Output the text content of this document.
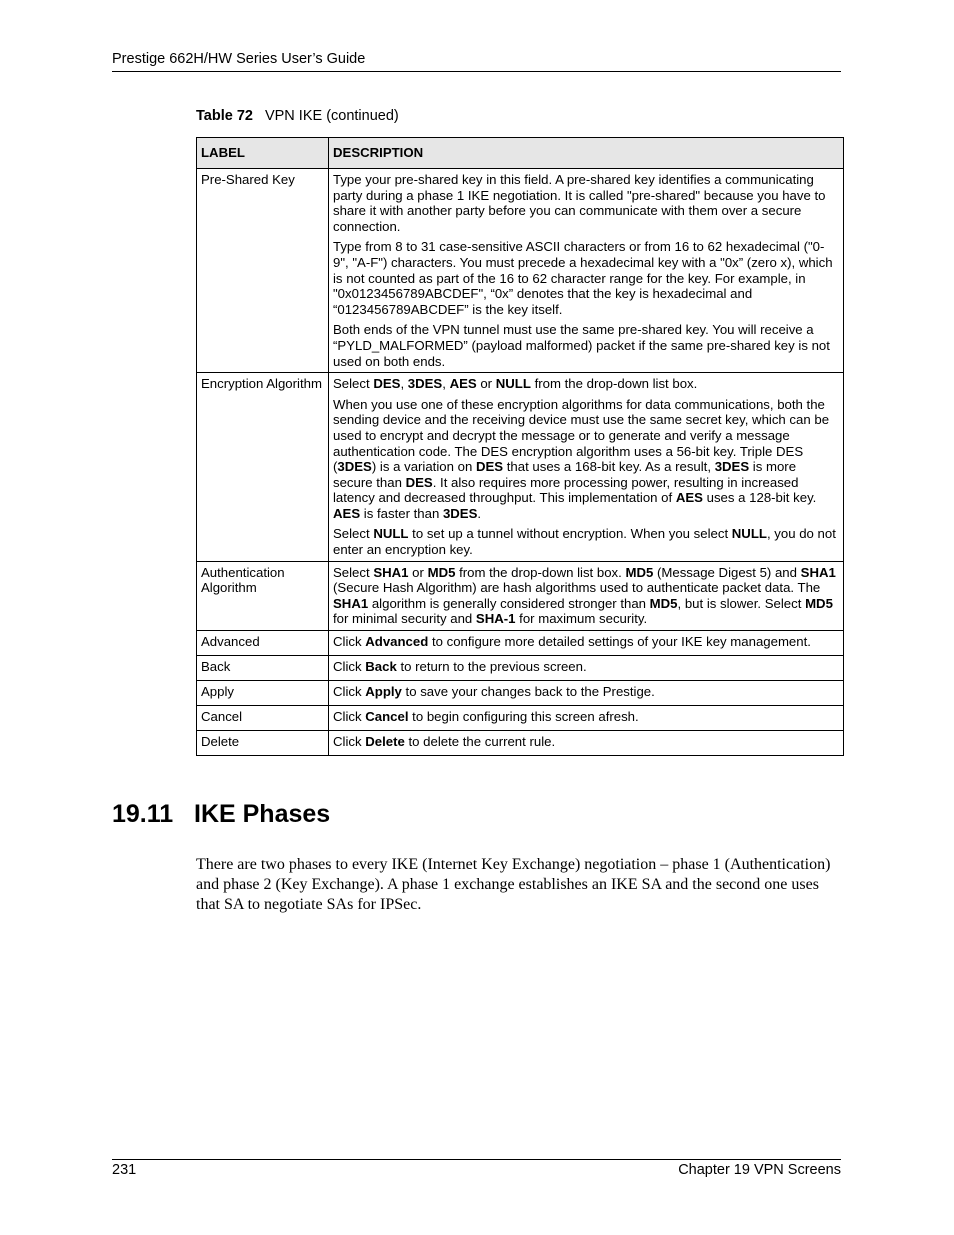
Prestige 662H/HW Series User’s Guide
Table 72 VPN IKE (continued)
LABEL	DESCRIPTION
Pre-Shared Key	Type your pre-shared key in this field. A pre-shared key identifies a communicating party during a phase 1 IKE negotiation. It is called "pre-shared" because you have to share it with another party before you can communicate with them over a secure connection.

Type from 8 to 31 case-sensitive ASCII characters or from 16 to 62 hexadecimal ("0-9", "A-F") characters. You must precede a hexadecimal key with a "0x” (zero x), which is not counted as part of the 16 to 62 character range for the key. For example, in "0x0123456789ABCDEF", “0x” denotes that the key is hexadecimal and “0123456789ABCDEF” is the key itself.

Both ends of the VPN tunnel must use the same pre-shared key. You will receive a “PYLD_MALFORMED” (payload malformed) packet if the same pre-shared key is not used on both ends.

Encryption Algorithm	Select DES, 3DES, AES or NULL from the drop-down list box.

When you use one of these encryption algorithms for data communications, both the sending device and the receiving device must use the same secret key, which can be used to encrypt and decrypt the message or to generate and verify a message authentication code. The DES encryption algorithm uses a 56-bit key. Triple DES (3DES) is a variation on DES that uses a 168-bit key. As a result, 3DES is more secure than DES. It also requires more processing power, resulting in increased latency and decreased throughput. This implementation of AES uses a 128-bit key. AES is faster than 3DES.

Select NULL to set up a tunnel without encryption. When you select NULL, you do not enter an encryption key.

Authentication Algorithm	Select SHA1 or MD5 from the drop-down list box. MD5 (Message Digest 5) and SHA1 (Secure Hash Algorithm) are hash algorithms used to authenticate packet data. The SHA1 algorithm is generally considered stronger than MD5, but is slower. Select MD5 for minimal security and SHA-1 for maximum security.

Advanced	Click Advanced to configure more detailed settings of your IKE key management.

Back	Click Back to return to the previous screen.

Apply	Click Apply to save your changes back to the Prestige.

Cancel	Click Cancel to begin configuring this screen afresh.

Delete	Click Delete to delete the current rule.

19.11 IKE Phases
There are two phases to every IKE (Internet Key Exchange) negotiation – phase 1 (Authentication) and phase 2 (Key Exchange). A phase 1 exchange establishes an IKE SA and the second one uses that SA to negotiate SAs for IPSec.
231	Chapter 19 VPN Screens
